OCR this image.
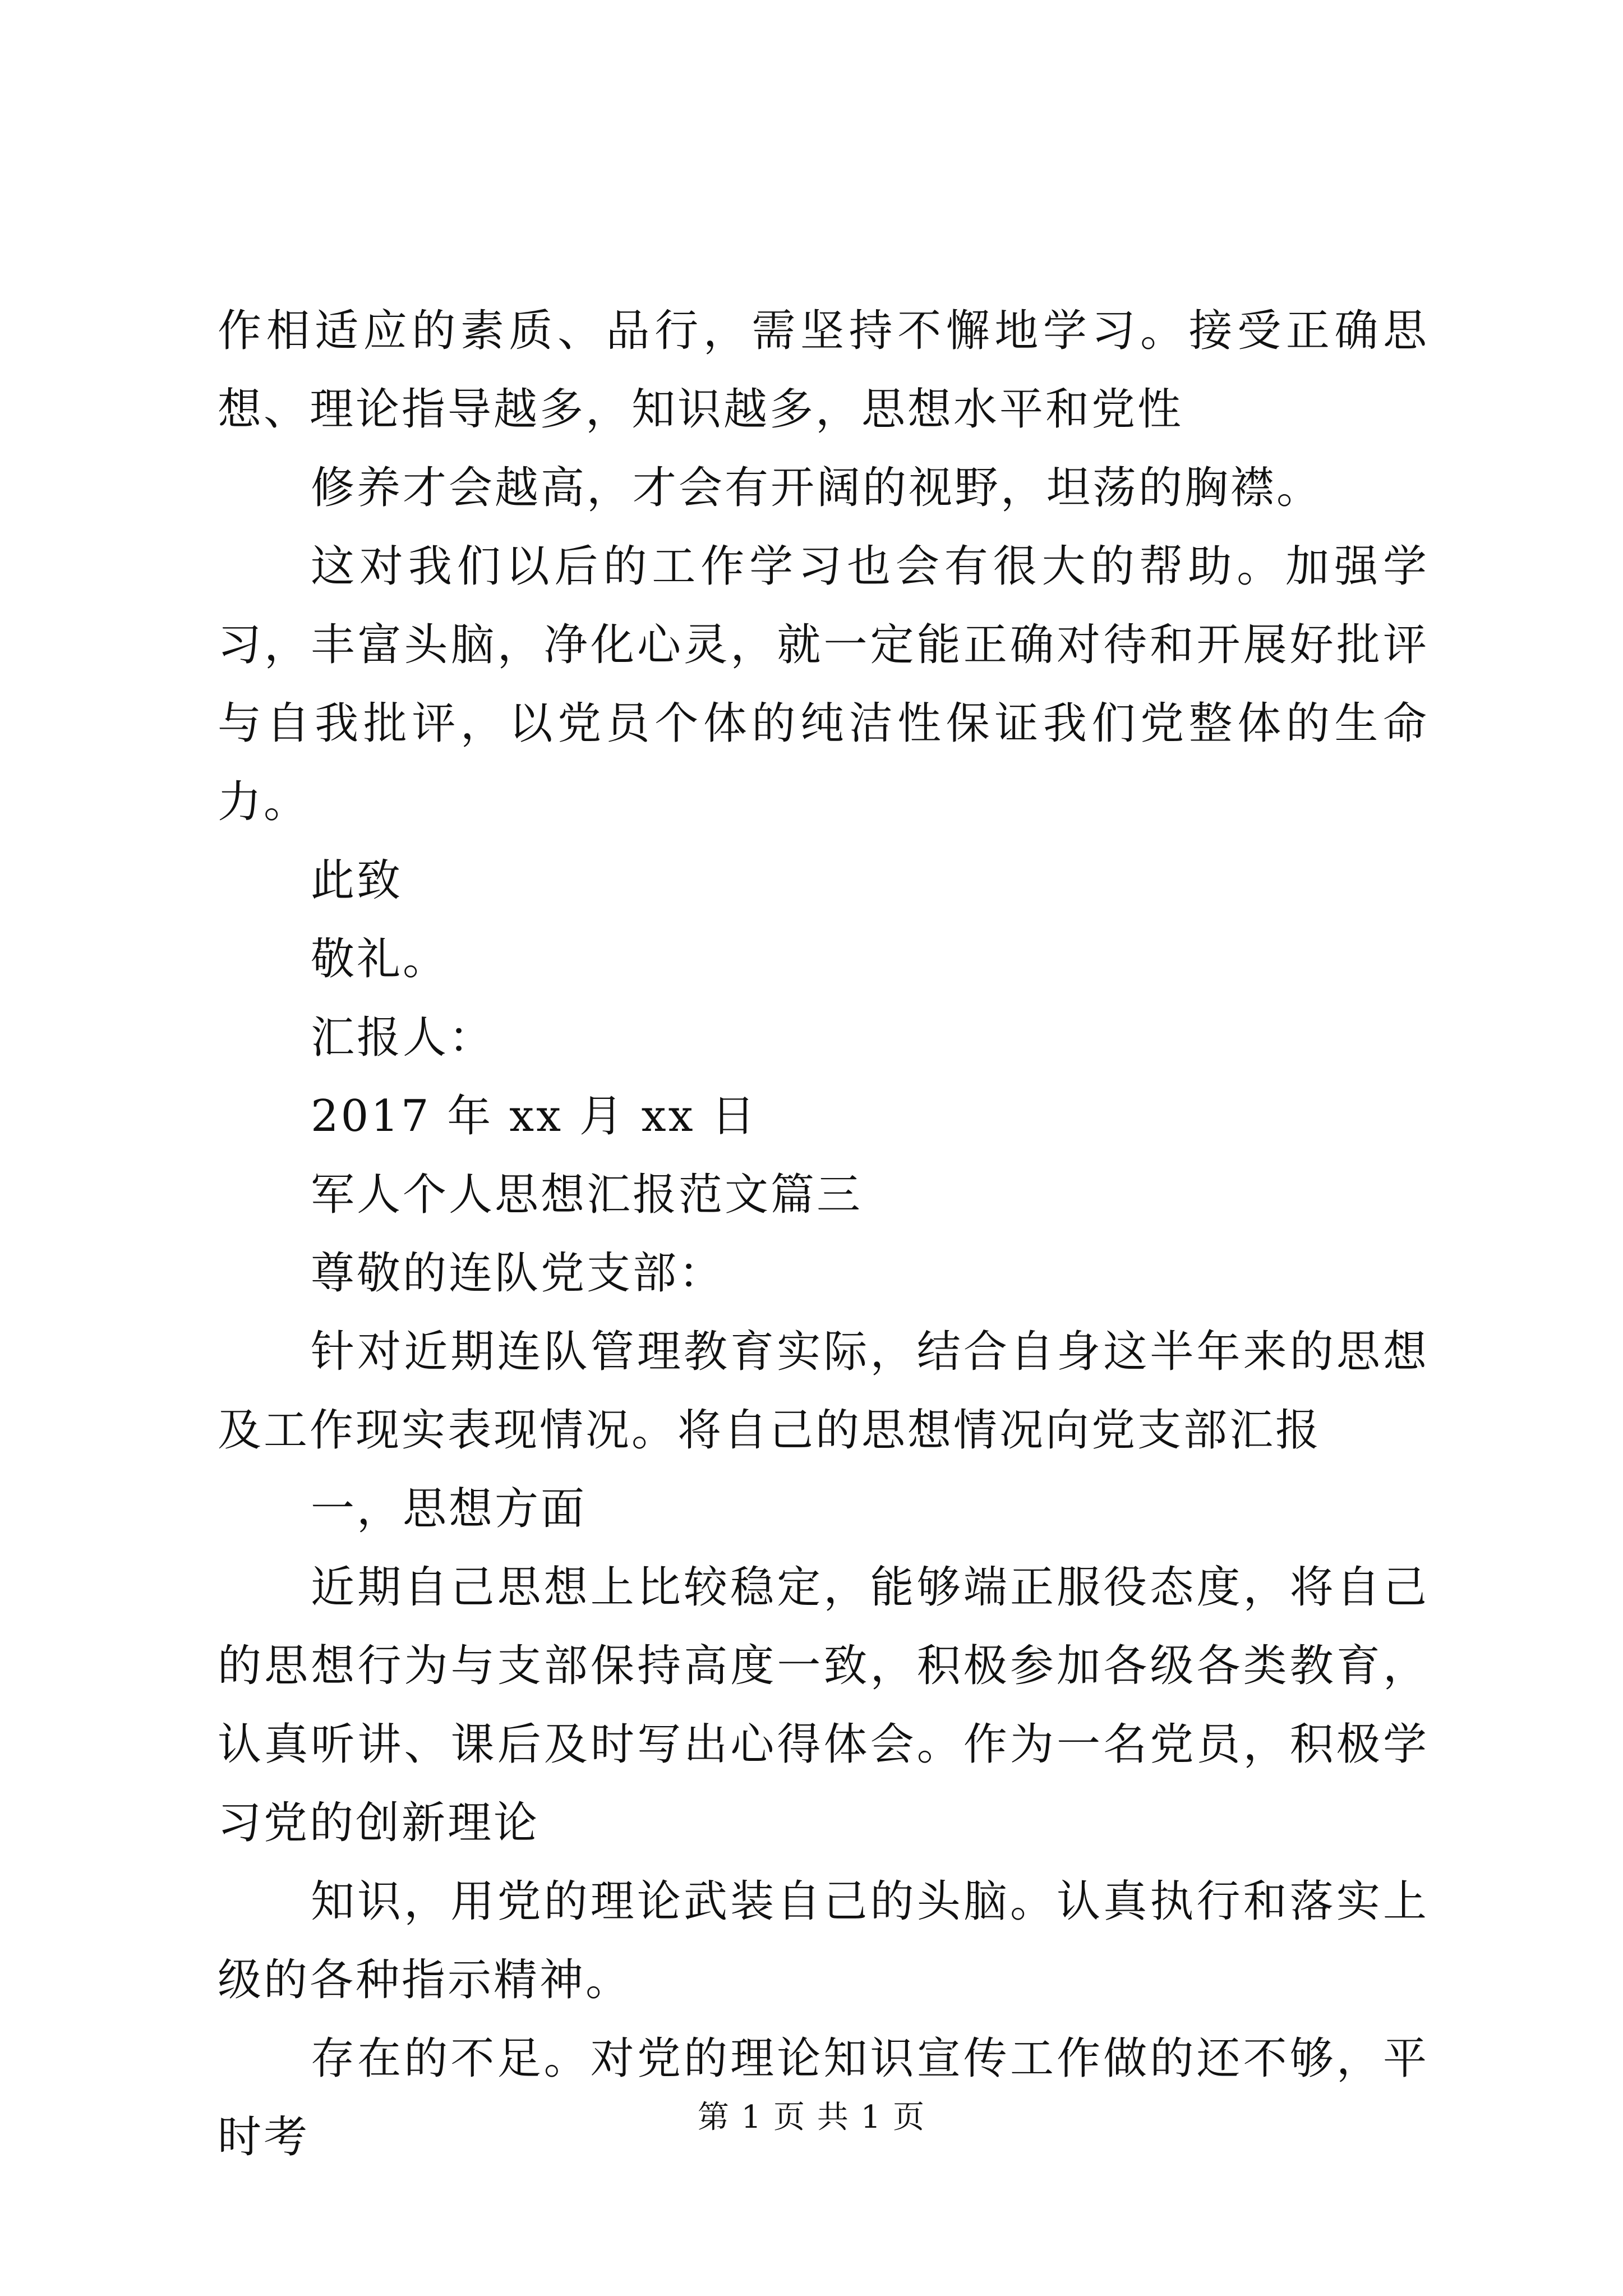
作相适应的素质、品行，需坚持不懈地学习。接受正确思想、理论指导越多，知识越多，思想水平和党性

修养才会越高，才会有开阔的视野，坦荡的胸襟。

这对我们以后的工作学习也会有很大的帮助。加强学习，丰富头脑，净化心灵，就一定能正确对待和开展好批评与自我批评，以党员个体的纯洁性保证我们党整体的生命力。

此致

敬礼。

汇报人：

2017 年 xx 月 xx 日

军人个人思想汇报范文篇三

尊敬的连队党支部：

针对近期连队管理教育实际，结合自身这半年来的思想及工作现实表现情况。将自己的思想情况向党支部汇报

一，思想方面

近期自己思想上比较稳定，能够端正服役态度，将自己的思想行为与支部保持高度一致，积极参加各级各类教育，认真听讲、课后及时写出心得体会。作为一名党员，积极学习党的创新理论

知识，用党的理论武装自己的头脑。认真执行和落实上级的各种指示精神。

存在的不足。对党的理论知识宣传工作做的还不够，平时考	第 1 页 共 1 页
